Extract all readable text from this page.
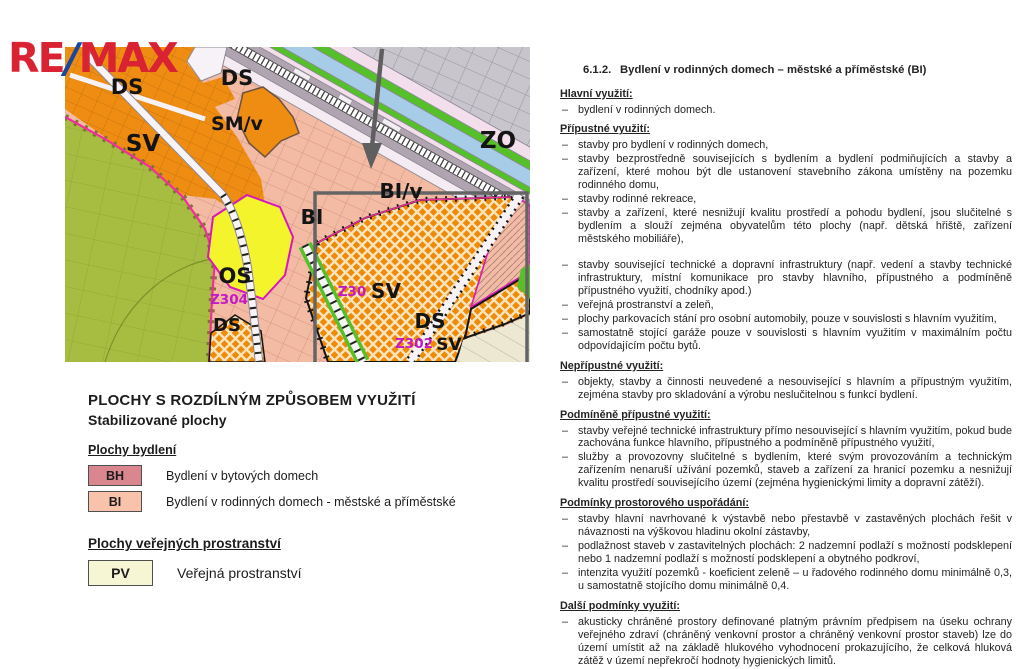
RE/MAX
DS	DS
SM/v
SV	ZO
BI/v
BI
OS
Z304
DS
Z30 SV
DS
Z302 SV
PLOCHY S ROZDÍLNÝM ZPŮSOBEM VYUŽITÍ
Stabilizované plochy
Plochy bydlení
BH	Bydlení v bytových domech
BI	Bydlení v rodinných domech - městské a příměstské
Plochy veřejných prostranství
PV	Veřejná prostranství
6.1.2. Bydlení v rodinných domech – městské a příměstské (BI)
Hlavní využití:
– bydlení v rodinných domech.
Přípustné využití:
– stavby pro bydlení v rodinných domech,
– stavby bezprostředně souvisejících s bydlením a bydlení podmiňujících a stavby a zařízení, které mohou být dle ustanovení stavebního zákona umístěny na pozemku rodinného domu,
– stavby rodinné rekreace,
– stavby a zařízení, které nesnižují kvalitu prostředí a pohodu bydlení, jsou slučitelné s bydlením a slouží zejména obyvatelům této plochy (např. dětská hřiště, zařízení městského mobiliáře),
– stavby související technické a dopravní infrastruktury (např. vedení a stavby technické infrastruktury, místní komunikace pro stavby hlavního, přípustného a podmíněně přípustného využití, chodníky apod.)
– veřejná prostranství a zeleň,
– plochy parkovacích stání pro osobní automobily, pouze v souvislosti s hlavním využitím,
– samostatně stojící garáže pouze v souvislosti s hlavním využitím v maximálním počtu odpovídajícím počtu bytů.
Nepřípustné využití:
– objekty, stavby a činnosti neuvedené a nesouvisející s hlavním a přípustným využitím, zejména stavby pro skladování a výrobu neslučitelnou s funkcí bydlení.
Podmíněně přípustné využití:
– stavby veřejné technické infrastruktury přímo nesouvisející s hlavním využitím, pokud bude zachována funkce hlavního, přípustného a podmíněně přípustného využití,
– služby a provozovny slučitelné s bydlením, které svým provozováním a technickým zařízením nenaruší užívání pozemků, staveb a zařízení za hranicí pozemku a nesnižují kvalitu prostředí souvisejícího území (zejména hygienickými limity a dopravní zátěží).
Podmínky prostorového uspořádání:
– stavby hlavní navrhované k výstavbě nebo přestavbě v zastavěných plochách řešit v návaznosti na výškovou hladinu okolní zástavby,
– podlažnost staveb v zastavitelných plochách: 2 nadzemní podlaží s možností podsklepení nebo 1 nadzemní podlaží s možností podsklepení a obytného podkroví,
– intenzita využití pozemků - koeficient zeleně – u řadového rodinného domu minimálně 0,3, u samostatně stojícího domu minimálně 0,4.
Další podmínky využití:
– akusticky chráněné prostory definované platným právním předpisem na úseku ochrany veřejného zdraví (chráněný venkovní prostor a chráněný venkovní prostor staveb) lze do území umístit až na základě hlukového vyhodnocení prokazujícího, že celková hluková zátěž v území nepřekročí hodnoty hygienických limitů.
